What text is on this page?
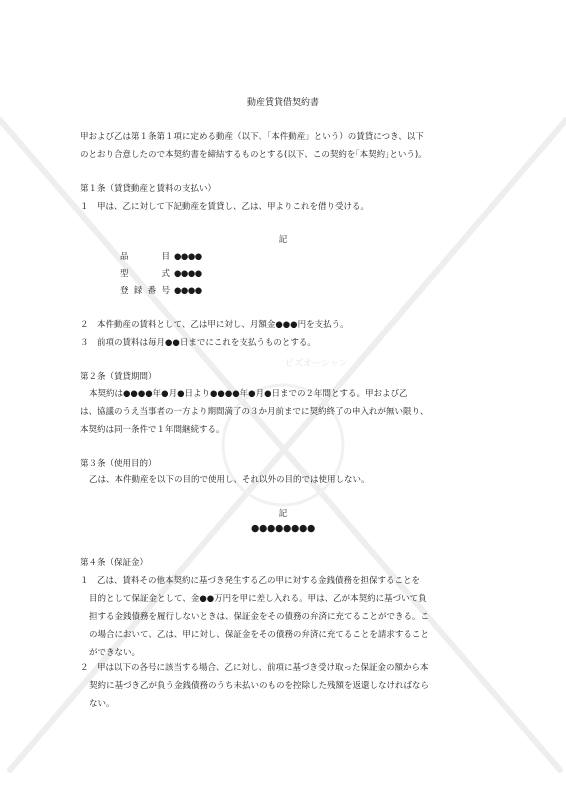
ビズオーシャン

動産賃貸借契約書

甲および乙は第１条第１項に定める動産（以下､「本件動産」という）の賃貸につき、以下

のとおり合意したので本契約書を締結するものとする(以下、この契約を｢本契約｣という)。

第１条（賃貸動産と賃料の支払い）

１　甲は、乙に対して下記動産を賃貸し、乙は、甲よりこれを借り受ける。

記

品目 ●●●●
型式 ●●●●
登録番号 ●●●●

２　本件動産の賃料として、乙は甲に対し、月額金●●●円を支払う。

３　前項の賃料は毎月●●日までにこれを支払うものとする。

第２条（賃貸期間）

本契約は●●●●年●月●日より●●●●年●月●日までの２年間とする。甲および乙

は、協議のうえ当事者の一方より期間満了の３か月前までに契約終了の申入れが無い限り、

本契約は同一条件で１年間継続する。

第３条（使用目的）

乙は、本件動産を以下の目的で使用し、それ以外の目的では使用しない。

記

●●●●●●●●

第４条（保証金）

１　乙は、賃料その他本契約に基づき発生する乙の甲に対する金銭債務を担保することを

目的として保証金として、金●●万円を甲に差し入れる。甲は、乙が本契約に基づいて負

担する金銭債務を履行しないときは、保証金をその債務の弁済に充てることができる。こ

の場合において、乙は、甲に対し、保証金をその債務の弁済に充てることを請求すること

ができない。

２　甲は以下の各号に該当する場合、乙に対し、前項に基づき受け取った保証金の額から本

契約に基づき乙が負う金銭債務のうち未払いのものを控除した残額を返還しなければなら

ない。
